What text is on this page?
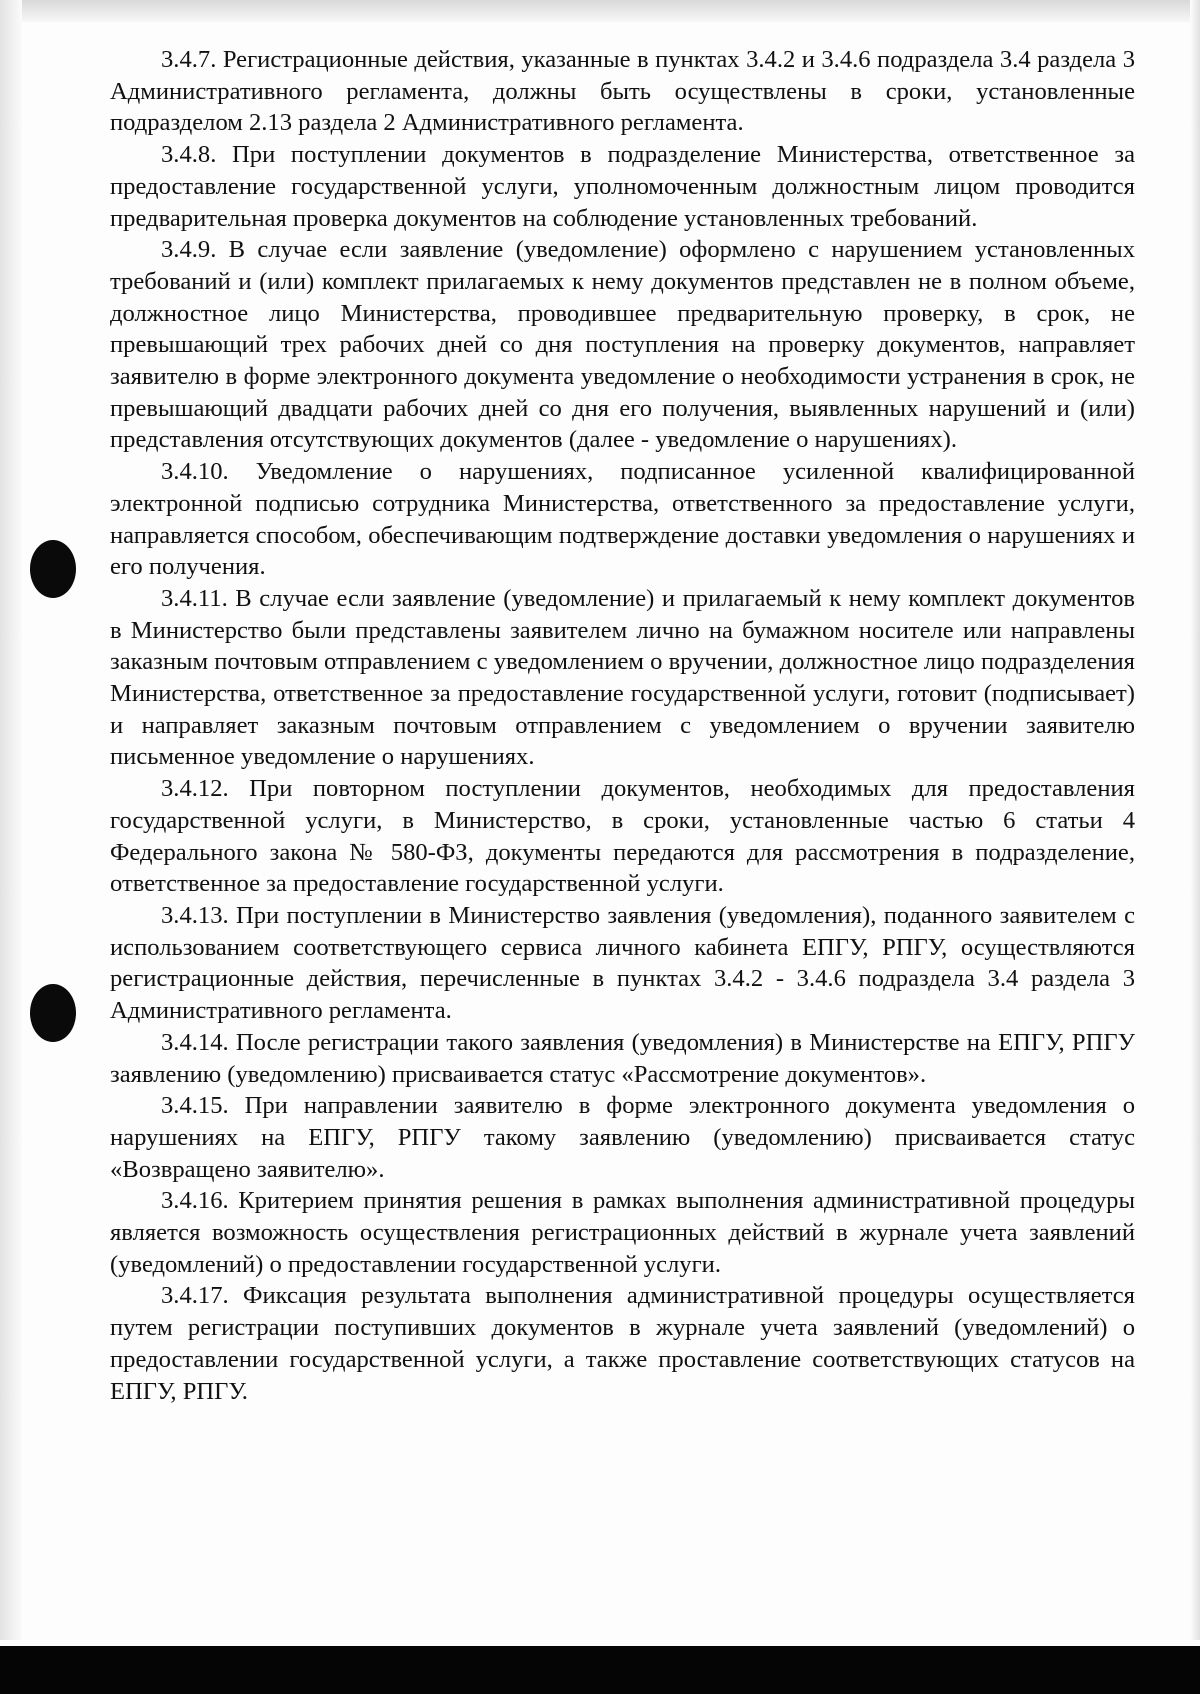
3.4.7. Регистрационные действия, указанные в пунктах 3.4.2 и 3.4.6 подраздела 3.4 раздела 3 Административного регламента, должны быть осуществлены в сроки, установленные подразделом 2.13 раздела 2 Административного регламента.

3.4.8. При поступлении документов в подразделение Министерства, ответственное за предоставление государственной услуги, уполномоченным должностным лицом проводится предварительная проверка документов на соблюдение установленных требований.

3.4.9. В случае если заявление (уведомление) оформлено с нарушением установленных требований и (или) комплект прилагаемых к нему документов представлен не в полном объеме, должностное лицо Министерства, проводившее предварительную проверку, в срок, не превышающий трех рабочих дней со дня поступления на проверку документов, направляет заявителю в форме электронного документа уведомление о необходимости устранения в срок, не превышающий двадцати рабочих дней со дня его получения, выявленных нарушений и (или) представления отсутствующих документов (далее - уведомление о нарушениях).

3.4.10. Уведомление о нарушениях, подписанное усиленной квалифицированной электронной подписью сотрудника Министерства, ответственного за предоставление услуги, направляется способом, обеспечивающим подтверждение доставки уведомления о нарушениях и его получения.

3.4.11. В случае если заявление (уведомление) и прилагаемый к нему комплект документов в Министерство были представлены заявителем лично на бумажном носителе или направлены заказным почтовым отправлением с уведомлением о вручении, должностное лицо подразделения Министерства, ответственное за предоставление государственной услуги, готовит (подписывает) и направляет заказным почтовым отправлением с уведомлением о вручении заявителю письменное уведомление о нарушениях.

3.4.12. При повторном поступлении документов, необходимых для предоставления государственной услуги, в Министерство, в сроки, установленные частью 6 статьи 4 Федерального закона № 580-ФЗ, документы передаются для рассмотрения в подразделение, ответственное за предоставление государственной услуги.

3.4.13. При поступлении в Министерство заявления (уведомления), поданного заявителем с использованием соответствующего сервиса личного кабинета ЕПГУ, РПГУ, осуществляются регистрационные действия, перечисленные в пунктах 3.4.2 - 3.4.6 подраздела 3.4 раздела 3 Административного регламента.

3.4.14. После регистрации такого заявления (уведомления) в Министерстве на ЕПГУ, РПГУ заявлению (уведомлению) присваивается статус «Рассмотрение документов».

3.4.15. При направлении заявителю в форме электронного документа уведомления о нарушениях на ЕПГУ, РПГУ такому заявлению (уведомлению) присваивается статус «Возвращено заявителю».

3.4.16. Критерием принятия решения в рамках выполнения административной процедуры является возможность осуществления регистрационных действий в журнале учета заявлений (уведомлений) о предоставлении государственной услуги.

3.4.17. Фиксация результата выполнения административной процедуры осуществляется путем регистрации поступивших документов в журнале учета заявлений (уведомлений) о предоставлении государственной услуги, а также проставление соответствующих статусов на ЕПГУ, РПГУ.
